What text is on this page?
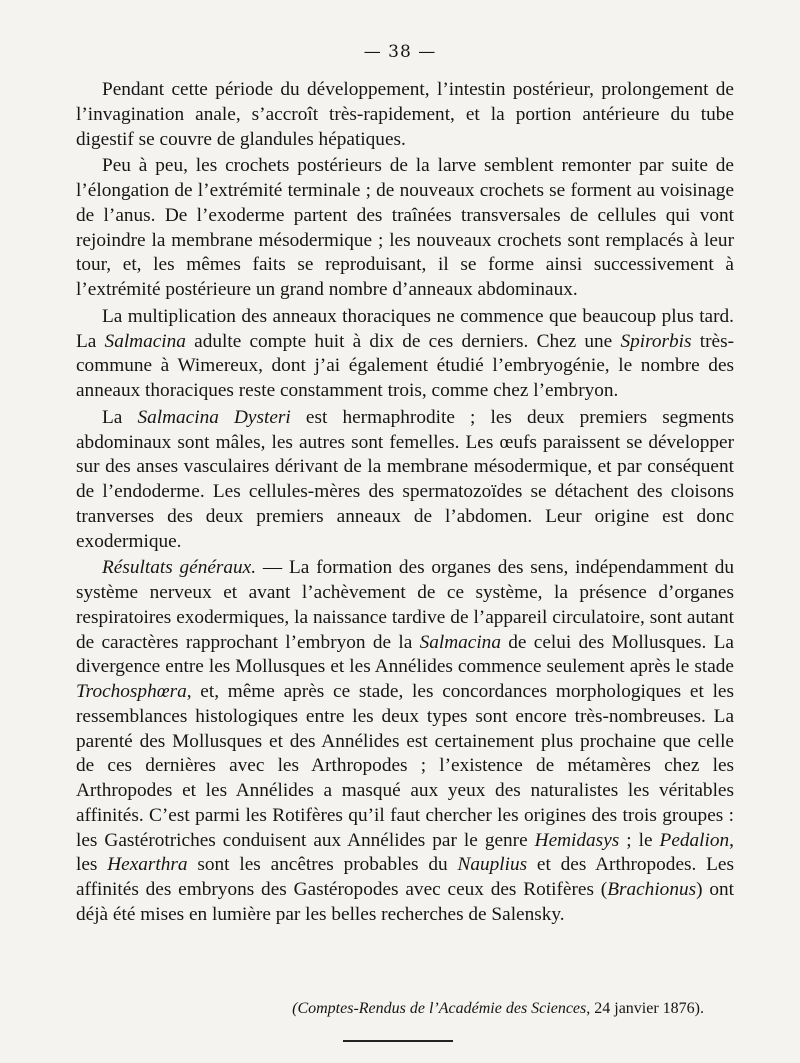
— 38 —

Pendant cette période du développement, l’intestin postérieur, prolongement de l’invagination anale, s’accroît très-rapidement, et la portion antérieure du tube digestif se couvre de glandules hépatiques.

Peu à peu, les crochets postérieurs de la larve semblent remonter par suite de l’élongation de l’extrémité terminale ; de nouveaux crochets se forment au voisinage de l’anus. De l’exoderme partent des traînées transversales de cellules qui vont rejoindre la membrane mésodermique ; les nouveaux crochets sont remplacés à leur tour, et, les mêmes faits se reproduisant, il se forme ainsi successivement à l’extrémité postérieure un grand nombre d’anneaux abdominaux.

La multiplication des anneaux thoraciques ne commence que beaucoup plus tard. La Salmacina adulte compte huit à dix de ces derniers. Chez une Spirorbis très-commune à Wimereux, dont j’ai également étudié l’embryogénie, le nombre des anneaux thoraciques reste constamment trois, comme chez l’embryon.

La Salmacina Dysteri est hermaphrodite ; les deux premiers segments abdominaux sont mâles, les autres sont femelles. Les œufs paraissent se développer sur des anses vasculaires dérivant de la membrane mésodermique, et par conséquent de l’endoderme. Les cellules-mères des spermatozoïdes se détachent des cloisons tranverses des deux premiers anneaux de l’abdomen. Leur origine est donc exodermique.

Résultats généraux. — La formation des organes des sens, indépendamment du système nerveux et avant l’achèvement de ce système, la présence d’organes respiratoires exodermiques, la naissance tardive de l’appareil circulatoire, sont autant de caractères rapprochant l’embryon de la Salmacina de celui des Mollusques. La divergence entre les Mollusques et les Annélides commence seulement après le stade Trochosphœra, et, même après ce stade, les concordances morphologiques et les ressemblances histologiques entre les deux types sont encore très-nombreuses. La parenté des Mollusques et des Annélides est certainement plus prochaine que celle de ces dernières avec les Arthropodes ; l’existence de métamères chez les Arthropodes et les Annélides a masqué aux yeux des naturalistes les véritables affinités. C’est parmi les Rotifères qu’il faut chercher les origines des trois groupes : les Gastérotriches conduisent aux Annélides par le genre Hemidasys ; le Pedalion, les Hexarthra sont les ancêtres probables du Nauplius et des Arthropodes. Les affinités des embryons des Gastéropodes avec ceux des Rotifères (Brachionus) ont déjà été mises en lumière par les belles recherches de Salensky.

(Comptes-Rendus de l’Académie des Sciences, 24 janvier 1876).
